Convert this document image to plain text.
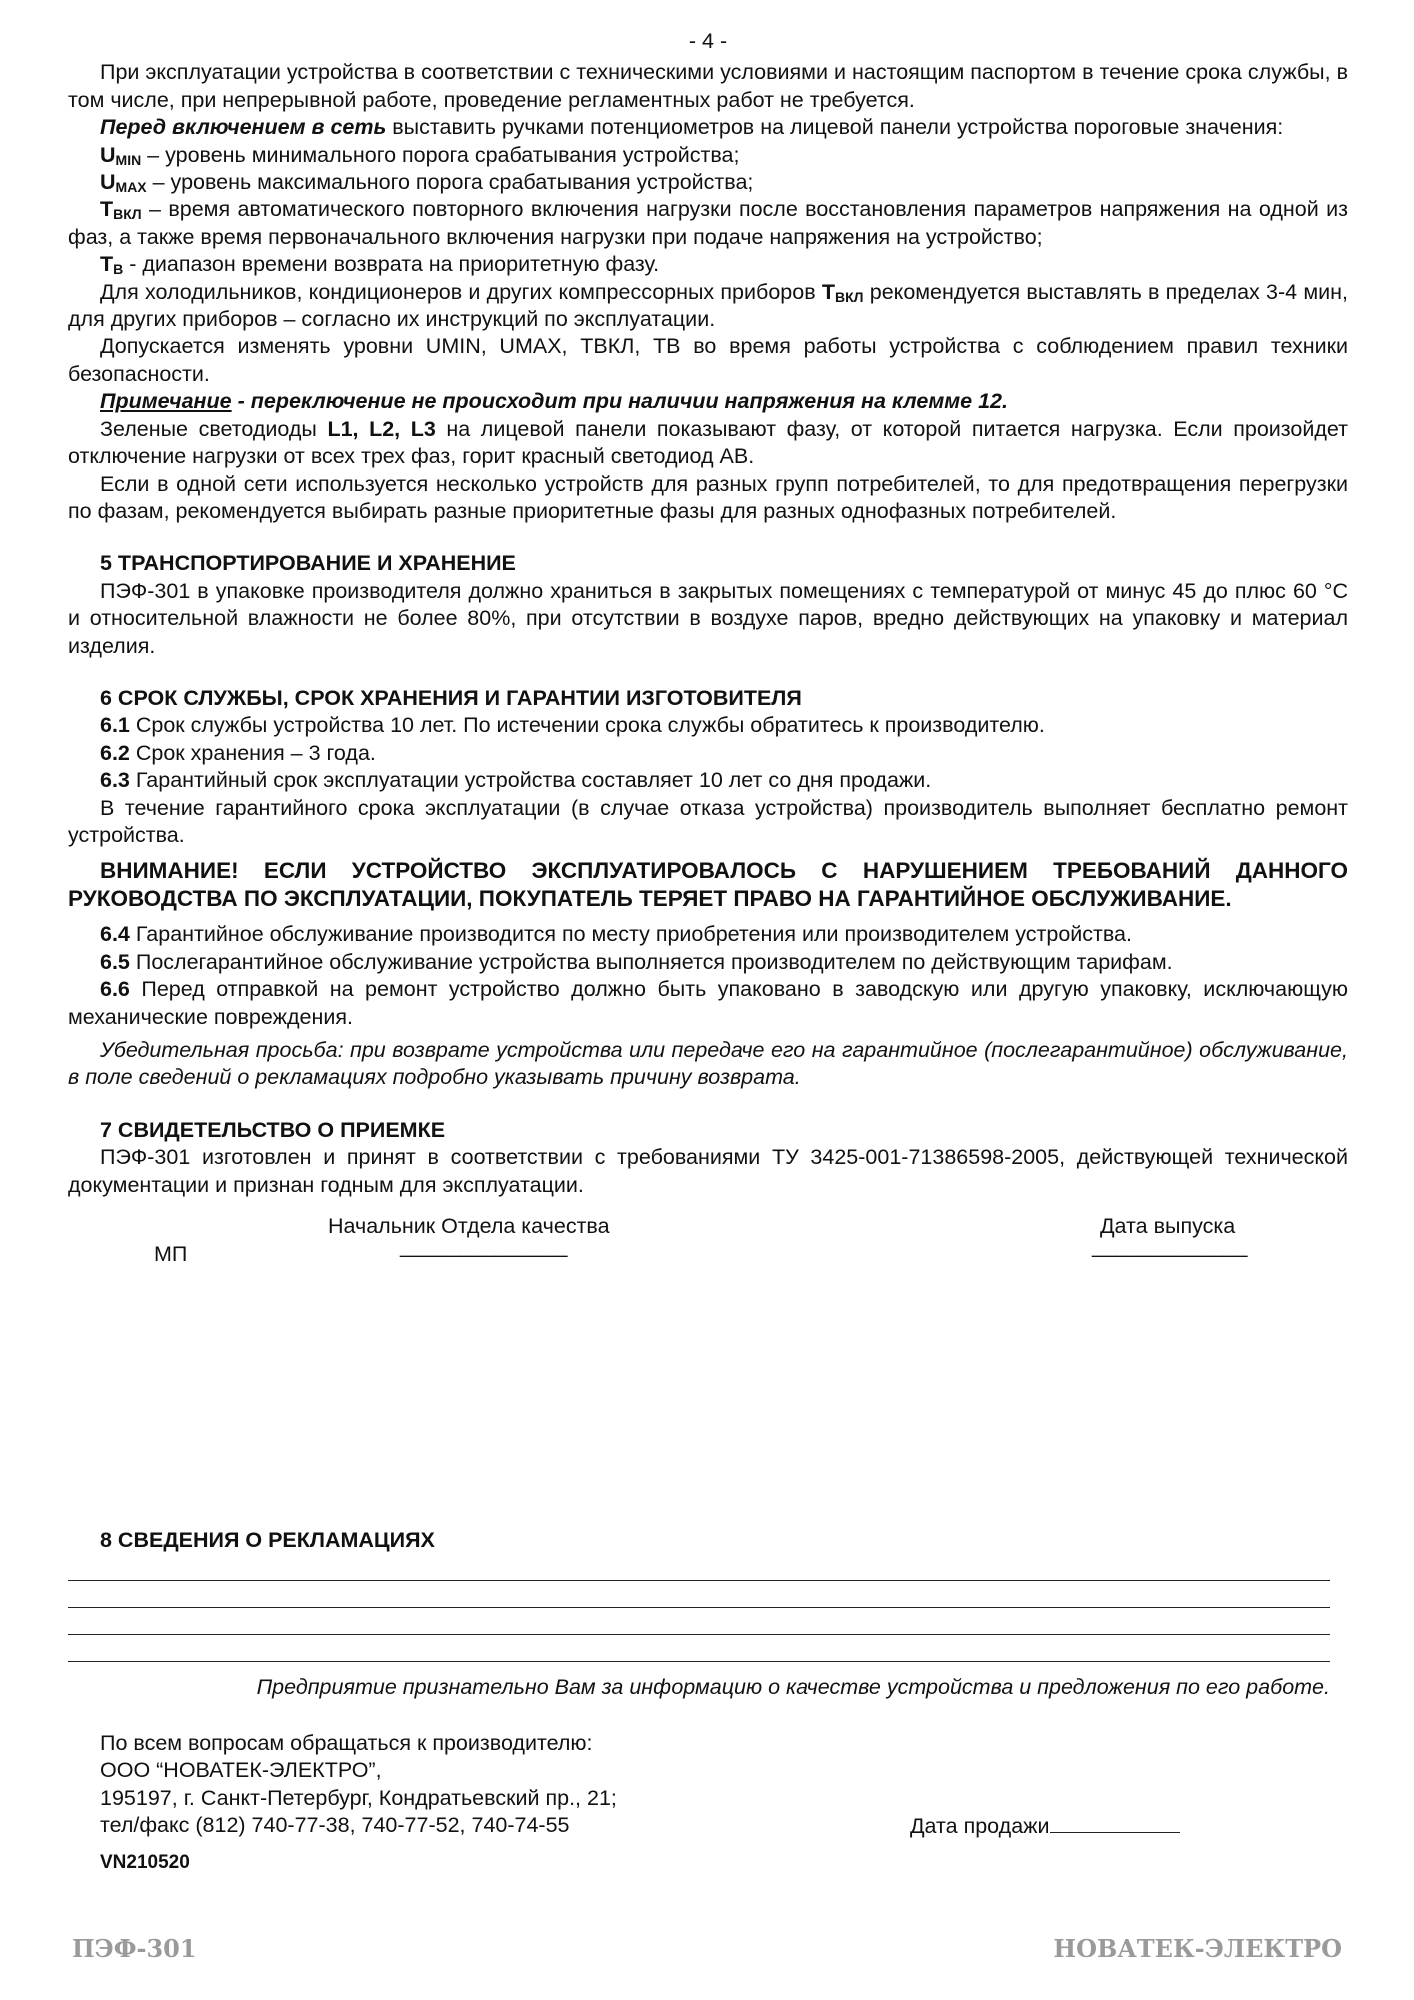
- 4 -

При эксплуатации устройства в соответствии с техническими условиями и настоящим паспортом в течение срока службы, в том числе, при непрерывной работе, проведение регламентных работ не требуется.

Перед включением в сеть выставить ручками потенциометров на лицевой панели устройства пороговые значения:

$U_{MIN}$ – уровень минимального порога срабатывания устройства;

$U_{MAX}$ – уровень максимального порога срабатывания устройства;

$Т_{ВКЛ}$ – время автоматического повторного включения нагрузки после восстановления параметров напряжения на одной из фаз, а также время первоначального включения нагрузки при подаче напряжения на устройство;

$Т_В$ - диапазон времени возврата на приоритетную фазу.

Для холодильников, кондиционеров и других компрессорных приборов $Т_{ВКЛ}$ рекомендуется выставлять в пределах 3-4 мин, для других приборов – согласно их инструкций по эксплуатации.

Допускается изменять уровни UMIN, UMAX, ТВКЛ, ТВ во время работы устройства с соблюдением правил техники безопасности.

Примечание - переключение не происходит при наличии напряжения на клемме 12.

Зеленые светодиоды L1, L2, L3 на лицевой панели показывают фазу, от которой питается нагрузка. Если произойдет отключение нагрузки от всех трех фаз, горит красный светодиод АВ.

Если в одной сети используется несколько устройств для разных групп потребителей, то для предотвращения перегрузки по фазам, рекомендуется выбирать разные приоритетные фазы для разных однофазных потребителей.

5 ТРАНСПОРТИРОВАНИЕ И ХРАНЕНИЕ

ПЭФ-301 в упаковке производителя должно храниться в закрытых помещениях с температурой от минус 45 до плюс 60 °С и относительной влажности не более 80%, при отсутствии в воздухе паров, вредно действующих на упаковку и материал изделия.

6 СРОК СЛУЖБЫ, СРОК ХРАНЕНИЯ И ГАРАНТИИ ИЗГОТОВИТЕЛЯ

6.1 Срок службы устройства 10 лет. По истечении срока службы обратитесь к производителю.

6.2 Срок хранения – 3 года.

6.3 Гарантийный срок эксплуатации устройства составляет 10 лет со дня продажи.

В течение гарантийного срока эксплуатации (в случае отказа устройства) производитель выполняет бесплатно ремонт устройства.

ВНИМАНИЕ! ЕСЛИ УСТРОЙСТВО ЭКСПЛУАТИРОВАЛОСЬ С НАРУШЕНИЕМ ТРЕБОВАНИЙ ДАННОГО РУКОВОДСТВА ПО ЭКСПЛУАТАЦИИ, ПОКУПАТЕЛЬ ТЕРЯЕТ ПРАВО НА ГАРАНТИЙНОЕ ОБСЛУЖИВАНИЕ.

6.4 Гарантийное обслуживание производится по месту приобретения или производителем устройства.

6.5 Послегарантийное обслуживание устройства выполняется производителем по действующим тарифам.

6.6 Перед отправкой на ремонт устройство должно быть упаковано в заводскую или другую упаковку, исключающую механические повреждения.

Убедительная просьба: при возврате устройства или передаче его на гарантийное (послегарантийное) обслуживание, в поле сведений о рекламациях подробно указывать причину возврата.

7 СВИДЕТЕЛЬСТВО О ПРИЕМКЕ

ПЭФ-301 изготовлен и принят в соответствии с требованиями ТУ 3425-001-71386598-2005, действующей технической документации и признан годным для эксплуатации.

Начальник Отдела качества	Дата выпуска
МП	______________	_____________
8 СВЕДЕНИЯ О РЕКЛАМАЦИЯХ

Предприятие признательно Вам за информацию о качестве устройства и предложения по его работе.

По всем вопросам обращаться к производителю:
ООО “НОВАТЕК-ЭЛЕКТРО”,
195197, г. Санкт-Петербург, Кондратьевский пр., 21;
тел/факс (812) 740-77-38, 740-77-52, 740-74-55	Дата продажи
VN210520
ПЭФ-301	НОВАТЕК-ЭЛЕКТРО
